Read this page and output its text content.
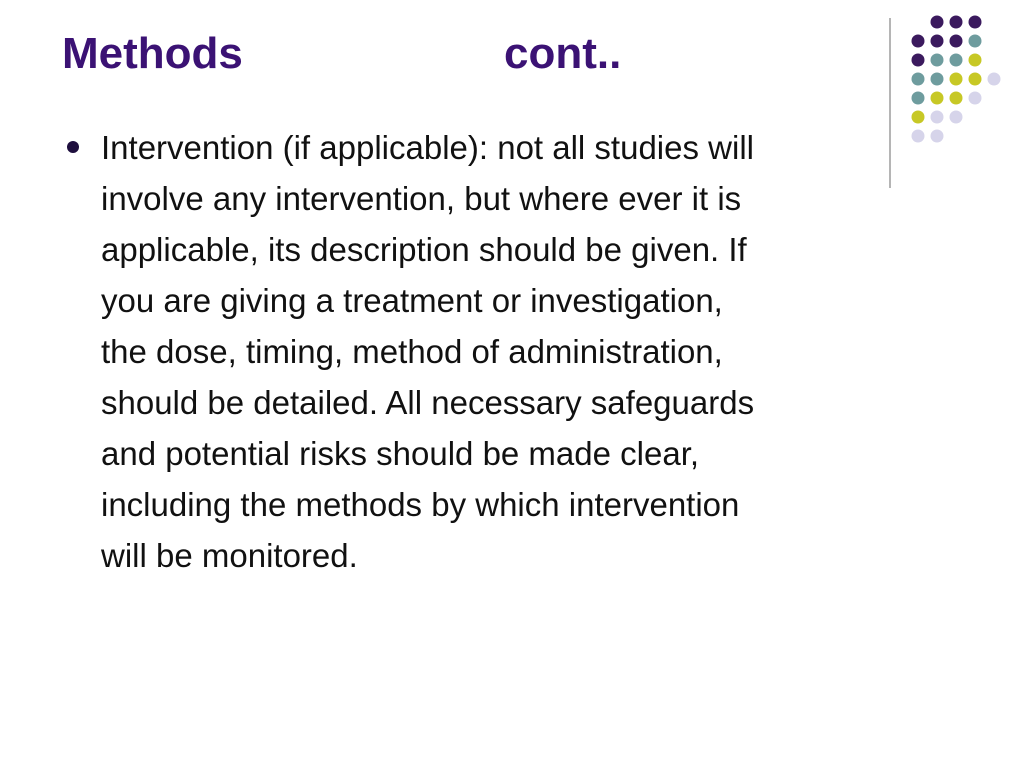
Methods	cont..
Intervention (if applicable): not all studies will
involve any intervention, but where ever it is
applicable, its description should be given. If
you are giving a treatment or investigation,
the dose, timing, method of administration,
should be detailed. All necessary safeguards
and potential risks should be made clear,
including the methods by which intervention
will be monitored.
